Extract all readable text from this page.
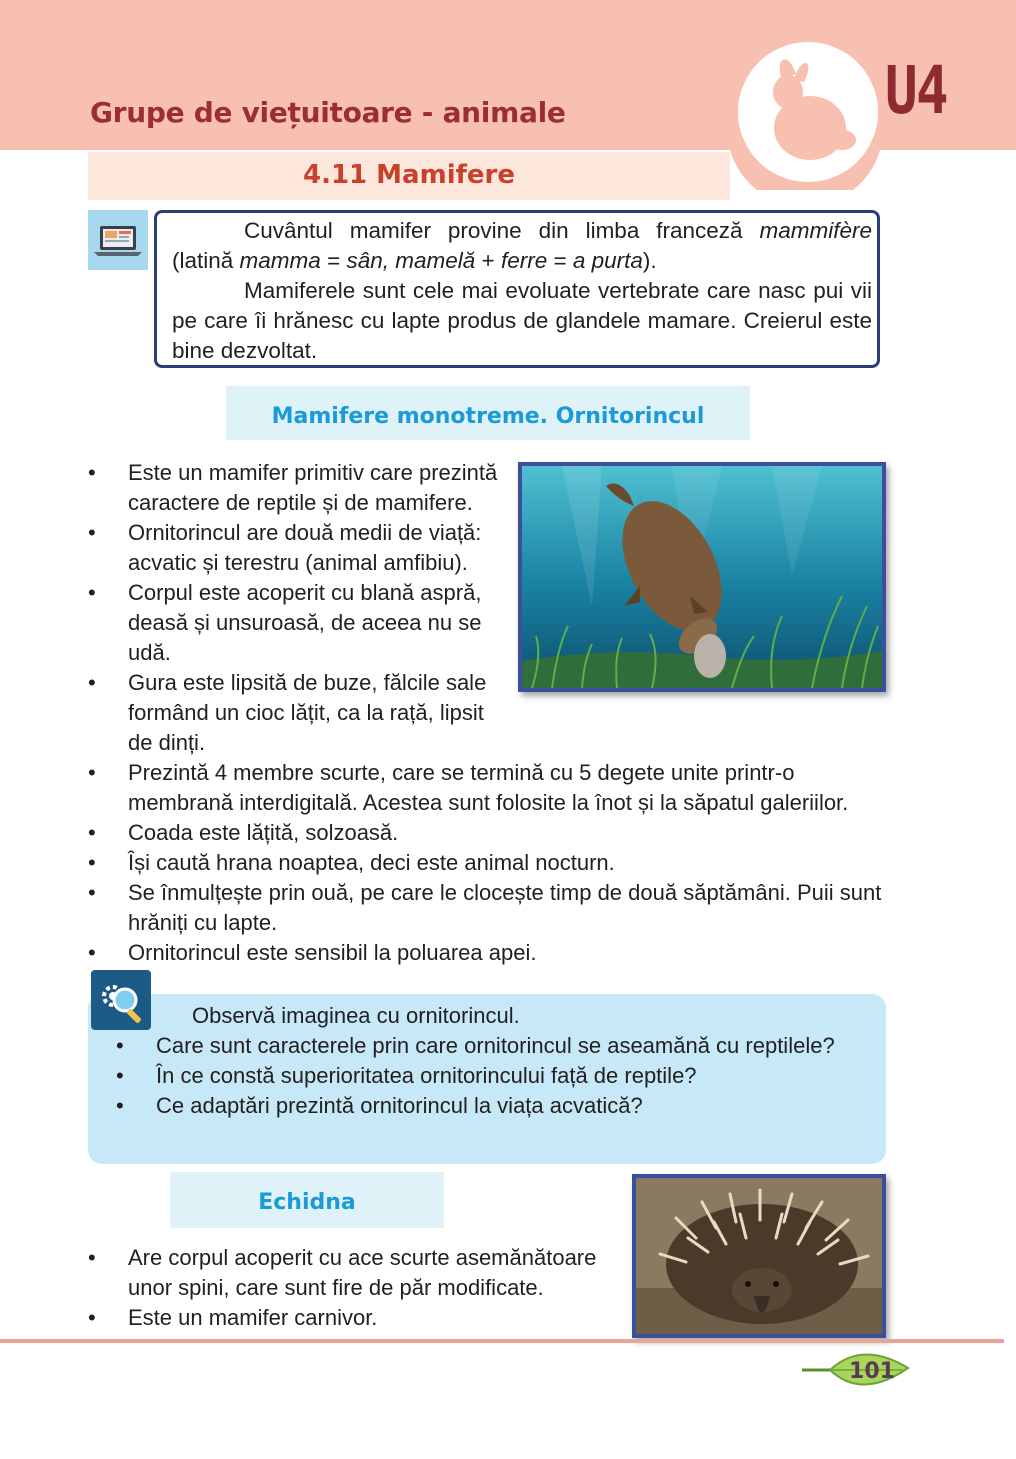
Grupe de viețuitoare - animale	U4
4.11 Mamifere

Cuvântul mamifer provine din limba franceză mammifère (latină mamma = sân, mamelă + ferre = a purta).

Mamiferele sunt cele mai evoluate vertebrate care nasc pui vii pe care îi hrănesc cu lapte produs de glandele mamare. Creierul este bine dezvoltat.

Mamifere monotreme. Ornitorincul
• Este un mamifer primitiv care prezintă caractere de reptile și de mamifere.
• Ornitorincul are două medii de viață: acvatic și terestru (animal amfibiu).
• Corpul este acoperit cu blană aspră, deasă și unsuroasă, de aceea nu se udă.
• Gura este lipsită de buze, fălcile sale formând un cioc lățit, ca la rață, lipsit de dinți.
• Prezintă 4 membre scurte, care se termină cu 5 degete unite printr-o membrană interdigitală. Acestea sunt folosite la înot și la săpatul galeriilor.
• Coada este lățită, solzoasă.
• Își caută hrana noaptea, deci este animal nocturn.
• Se înmulțește prin ouă, pe care le clocește timp de două săptămâni. Puii sunt hrăniți cu lapte.
• Ornitorincul este sensibil la poluarea apei.
Observă imaginea cu ornitorincul.
• Care sunt caracterele prin care ornitorincul se aseamănă cu reptilele?
• În ce constă superioritatea ornitorincului față de reptile?
• Ce adaptări prezintă ornitorincul la viața acvatică?
Echidna
• Are corpul acoperit cu ace scurte asemănătoare unor spini, care sunt fire de păr modificate.
• Este un mamifer carnivor.
101
